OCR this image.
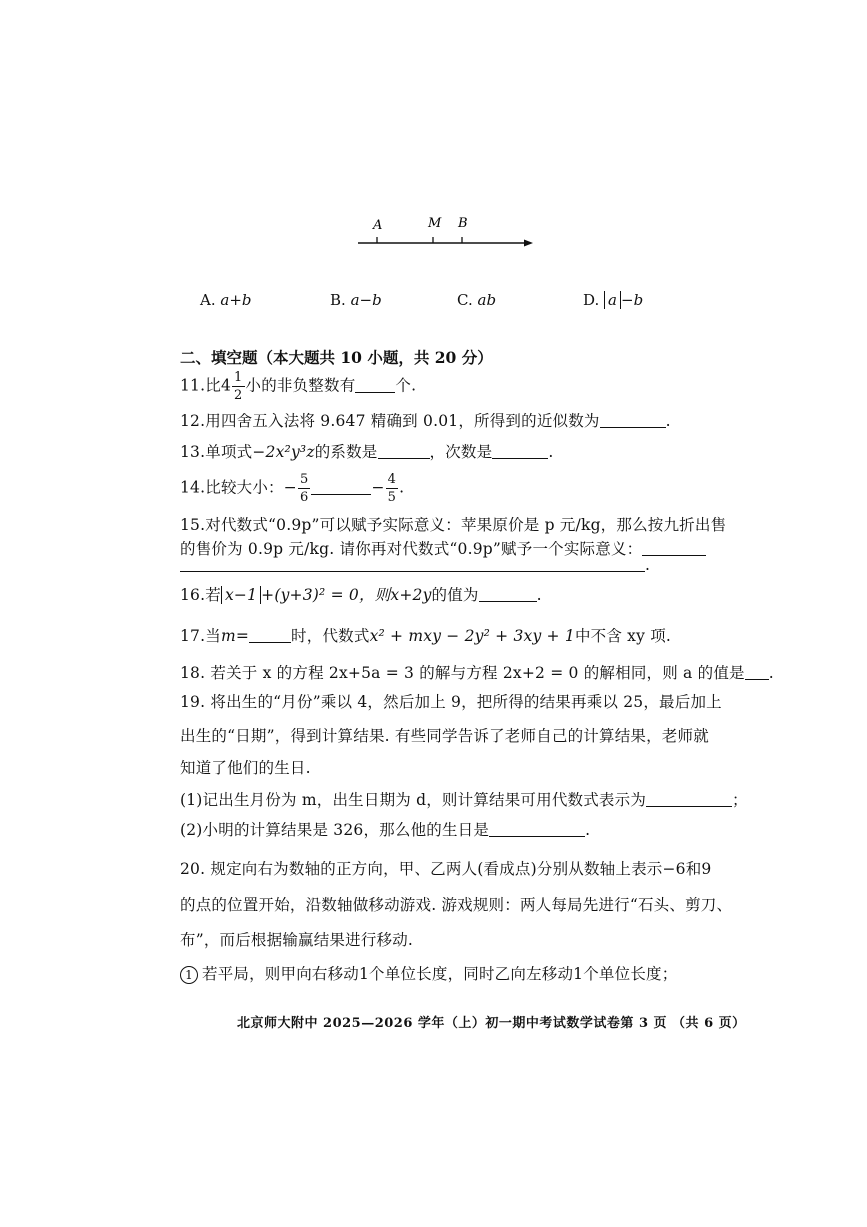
A	M B
A. a+b	B. a−b	C. ab	D. a −b
二、填空题（本大题共 10 小题，共 20 分）
11.比$4 \frac{1}{2}$ 小的非负整数有	个.
12.用四舍五入法将 9.647 精确到 0.01，所得到的近似数为	.
13.单项式−2x²y³z的系数是	，次数是	.
14.比较大小：− $\frac{5}{6}$	− $\frac{4}{5}$ .
15.对代数式“0.9p”可以赋予实际意义：苹果原价是 p 元/kg，那么按九折出售
的售价为 0.9p 元/kg. 请你再对代数式“0.9p”赋予一个实际意义：
.
16.若 x−1 +(y+3)² = 0，则x+2y的值为	.
17.当m=	时，代数式x² + mxy − 2y² + 3xy + 1中不含 xy 项.
18. 若关于 x 的方程 2x+5a = 3 的解与方程 2x+2 = 0 的解相同，则 a 的值是 .
19. 将出生的“月份”乘以 4，然后加上 9，把所得的结果再乘以 25，最后加上
出生的“日期”，得到计算结果. 有些同学告诉了老师自己的计算结果，老师就
知道了他们的生日.
(1)记出生月份为 m，出生日期为 d，则计算结果可用代数式表示为	；
(2)小明的计算结果是 326，那么他的生日是	.
20. 规定向右为数轴的正方向，甲、乙两人(看成点)分别从数轴上表示−6和9
的点的位置开始，沿数轴做移动游戏. 游戏规则：两人每局先进行“石头、剪刀、
布”，而后根据输赢结果进行移动.
1 若平局，则甲向右移动1个单位长度，同时乙向左移动1个单位长度；
北京师大附中 2025—2026 学年（上）初一期中考试数学试卷第 3 页 （共 6 页）
